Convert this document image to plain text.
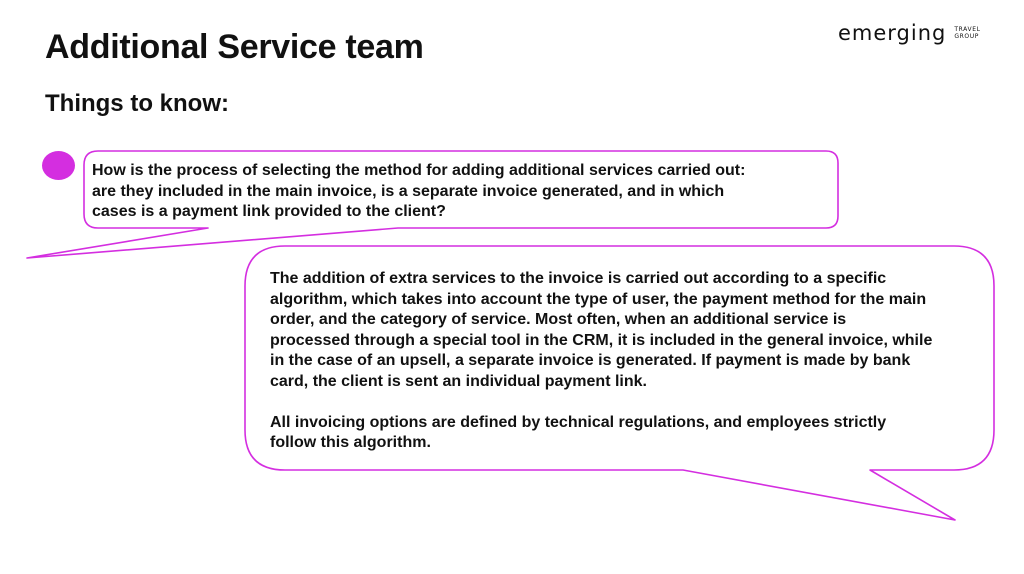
Additional Service team
Things to know:
emerging TRAVEL
GROUP
How is the process of selecting the method for adding additional services carried out:
are they included in the main invoice, is a separate invoice generated, and in which
cases is a payment link provided to the client?
The addition of extra services to the invoice is carried out according to a specific
algorithm, which takes into account the type of user, the payment method for the main
order, and the category of service. Most often, when an additional service is
processed through a special tool in the CRM, it is included in the general invoice, while
in the case of an upsell, a separate invoice is generated. If payment is made by bank
card, the client is sent an individual payment link.
All invoicing options are defined by technical regulations, and employees strictly
follow this algorithm.
